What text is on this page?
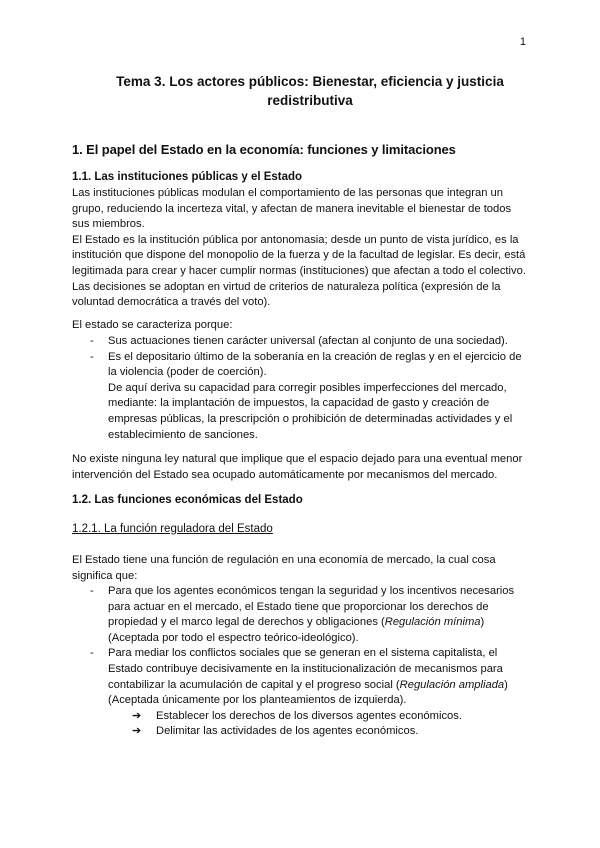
1
Tema 3. Los actores públicos: Bienestar, eficiencia y justicia
redistributiva
1. El papel del Estado en la economía: funciones y limitaciones
1.1. Las instituciones públicas y el Estado
Las instituciones públicas modulan el comportamiento de las personas que integran un
grupo, reduciendo la incerteza vital, y afectan de manera inevitable el bienestar de todos
sus miembros.
El Estado es la institución pública por antonomasia; desde un punto de vista jurídico, es la
institución que dispone del monopolio de la fuerza y de la facultad de legislar. Es decir, está
legitimada para crear y hacer cumplir normas (instituciones) que afectan a todo el colectivo.
Las decisiones se adoptan en virtud de criterios de naturaleza política (expresión de la
voluntad democrática a través del voto).
El estado se caracteriza porque:
- Sus actuaciones tienen carácter universal (afectan al conjunto de una sociedad).
- Es el depositario último de la soberanía en la creación de reglas y en el ejercicio de
la violencia (poder de coerción).
De aquí deriva su capacidad para corregir posibles imperfecciones del mercado,
mediante: la implantación de impuestos, la capacidad de gasto y creación de
empresas públicas, la prescripción o prohibición de determinadas actividades y el
establecimiento de sanciones.
No existe ninguna ley natural que implique que el espacio dejado para una eventual menor
intervención del Estado sea ocupado automáticamente por mecanismos del mercado.
1.2. Las funciones económicas del Estado
1.2.1. La función reguladora del Estado
El Estado tiene una función de regulación en una economía de mercado, la cual cosa
significa que:
- Para que los agentes económicos tengan la seguridad y los incentivos necesarios
para actuar en el mercado, el Estado tiene que proporcionar los derechos de
propiedad y el marco legal de derechos y obligaciones (Regulación mínima)
(Aceptada por todo el espectro teórico-ideológico).
- Para mediar los conflictos sociales que se generan en el sistema capitalista, el
Estado contribuye decisivamente en la institucionalización de mecanismos para
contabilizar la acumulación de capital y el progreso social (Regulación ampliada)
(Aceptada únicamente por los planteamientos de izquierda).
➔ Establecer los derechos de los diversos agentes económicos.
➔ Delimitar las actividades de los agentes económicos.
